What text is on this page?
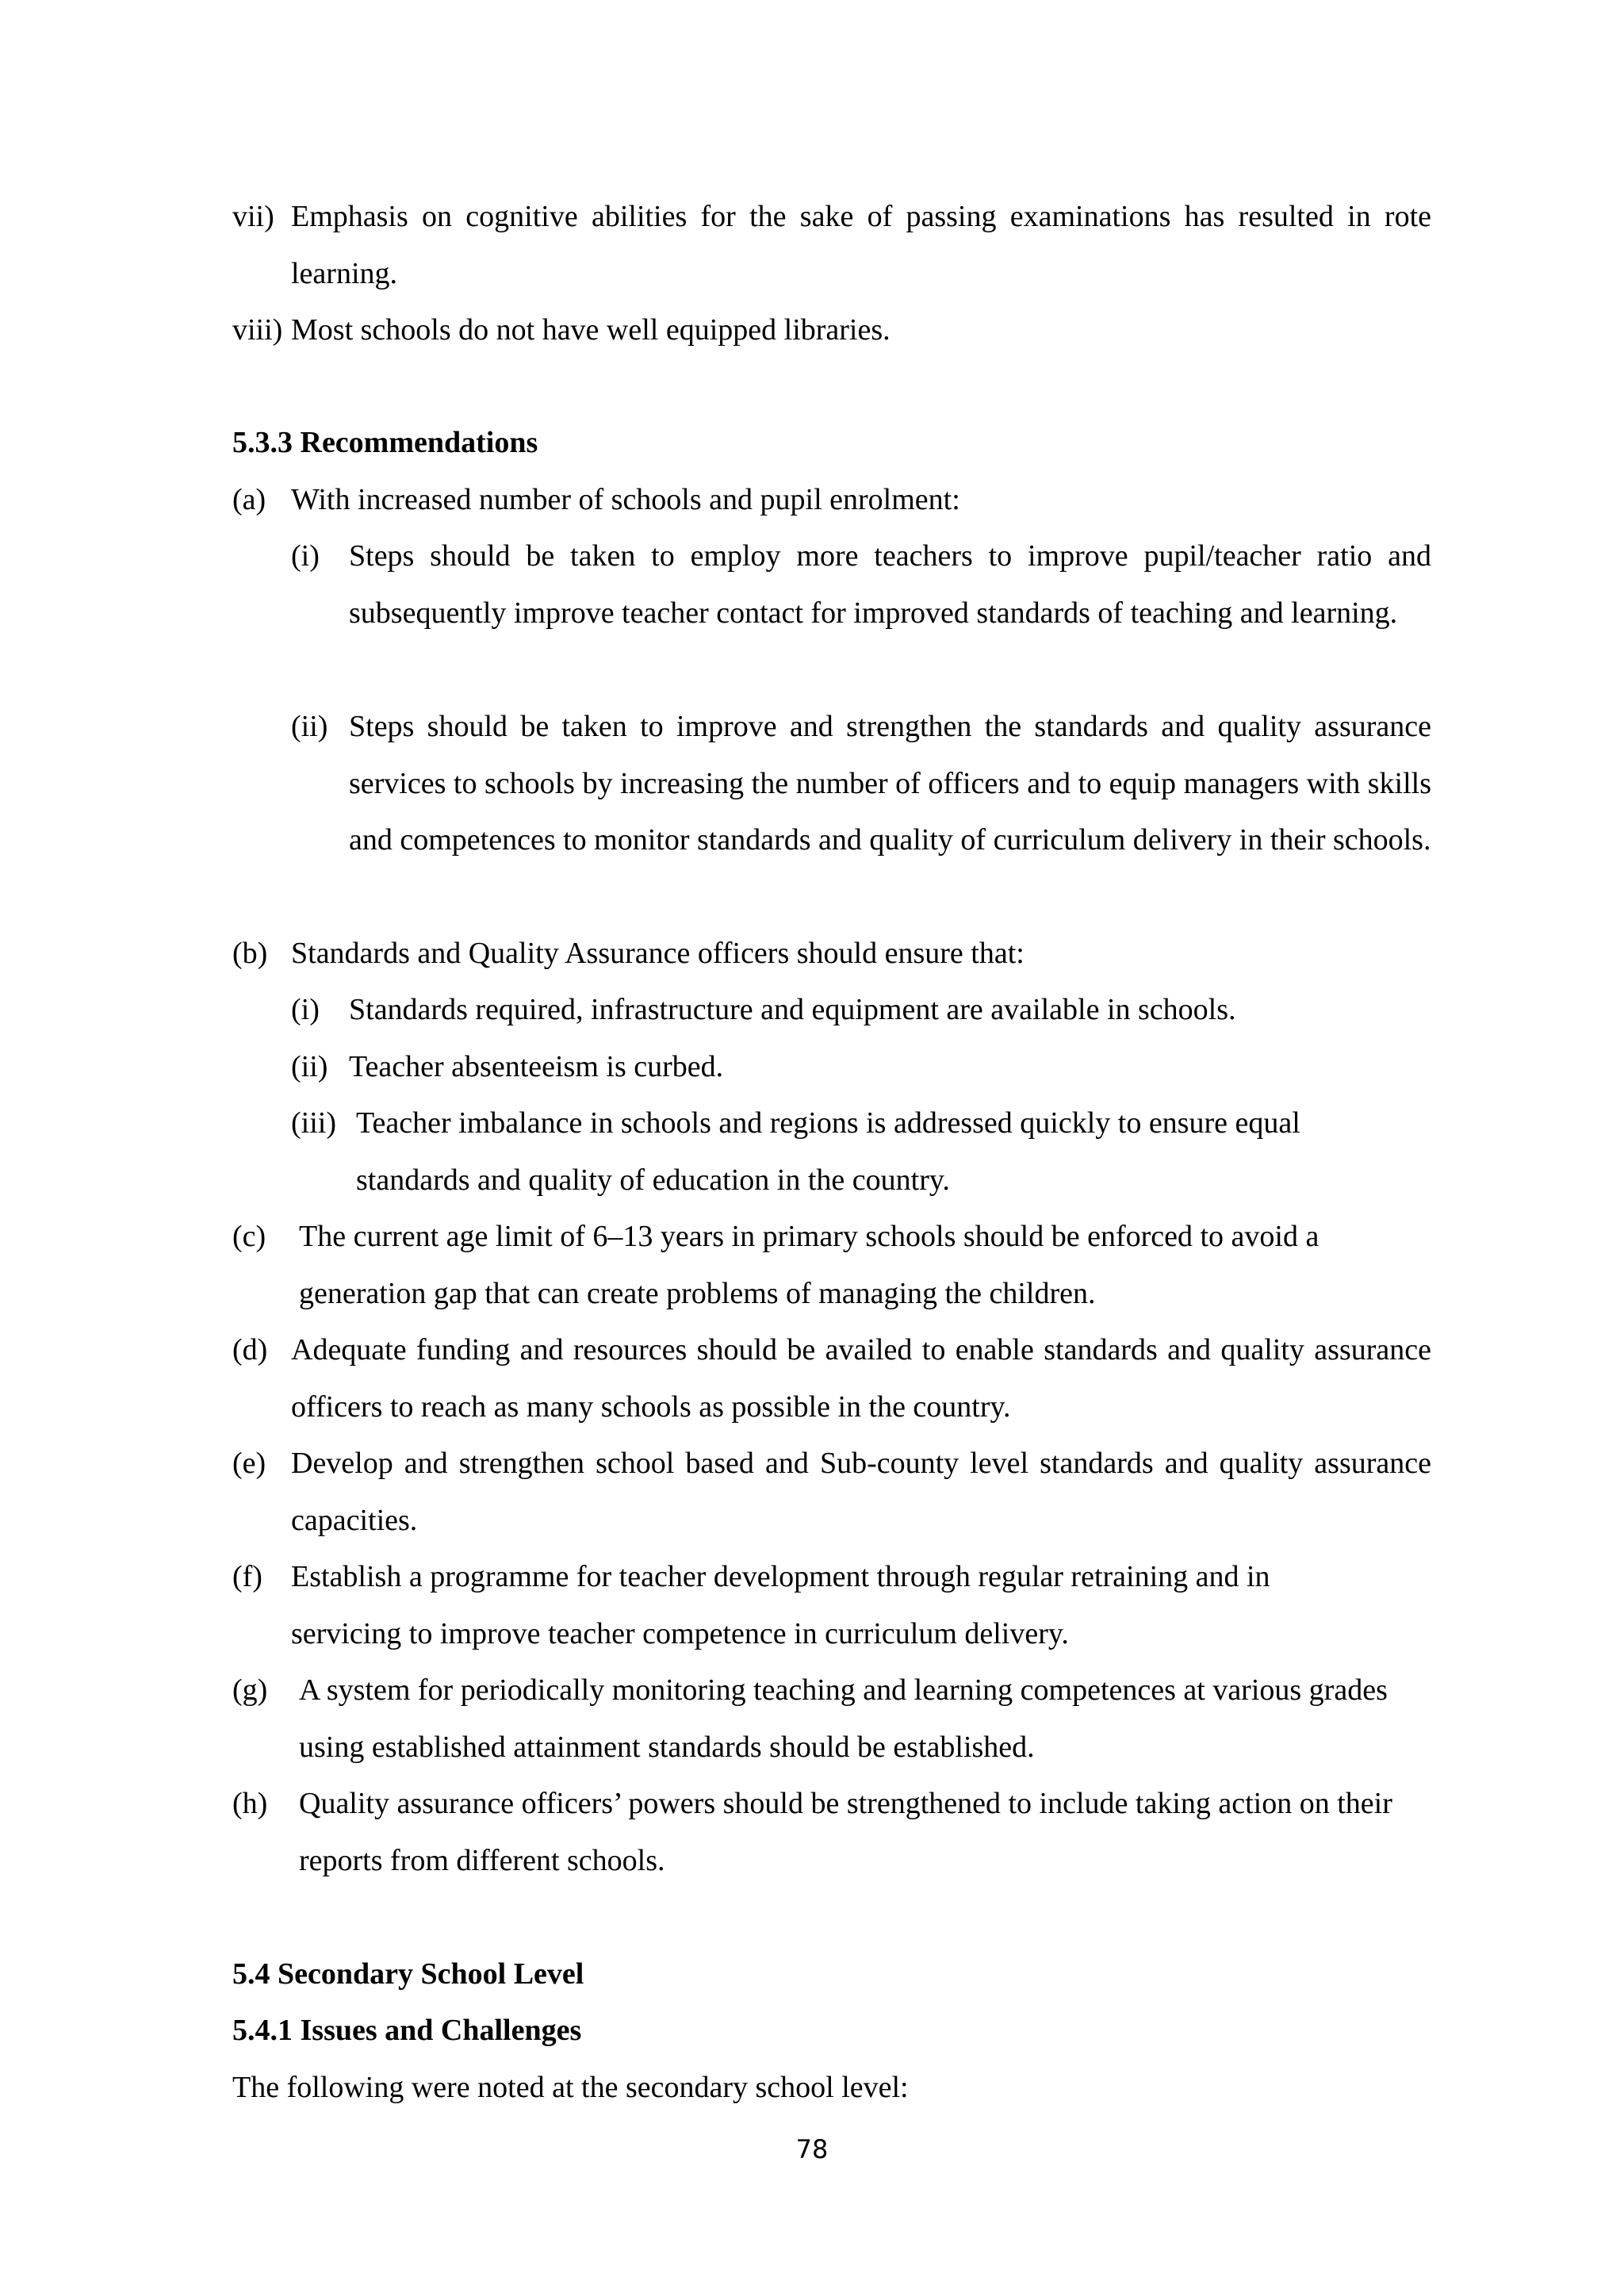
vii) Emphasis on cognitive abilities for the sake of passing examinations has resulted in rote learning.
viii) Most schools do not have well equipped libraries.
5.3.3 Recommendations
(a) With increased number of schools and pupil enrolment:
(i) Steps should be taken to employ more teachers to improve pupil/teacher ratio and subsequently improve teacher contact for improved standards of teaching and learning.
(ii) Steps should be taken to improve and strengthen the standards and quality assurance services to schools by increasing the number of officers and to equip managers with skills and competences to monitor standards and quality of curriculum delivery in their schools.
(b) Standards and Quality Assurance officers should ensure that:
(i) Standards required, infrastructure and equipment are available in schools.
(ii) Teacher absenteeism is curbed.
(iii) Teacher imbalance in schools and regions is addressed quickly to ensure equal standards and quality of education in the country.
(c)	The current age limit of 6–13 years in primary schools should be enforced to avoid a generation gap that can create problems of managing the children.
(d) Adequate funding and resources should be availed to enable standards and quality assurance officers to reach as many schools as possible in the country.
(e) Develop and strengthen school based and Sub-county level standards and quality assurance capacities.
(f) Establish a programme for teacher development through regular retraining and in servicing to improve teacher competence in curriculum delivery.
(g)	A system for periodically monitoring teaching and learning competences at various grades using established attainment standards should be established.
(h)	Quality assurance officers’ powers should be strengthened to include taking action on their reports from different schools.
5.4 Secondary School Level
5.4.1 Issues and Challenges
The following were noted at the secondary school level:
78
